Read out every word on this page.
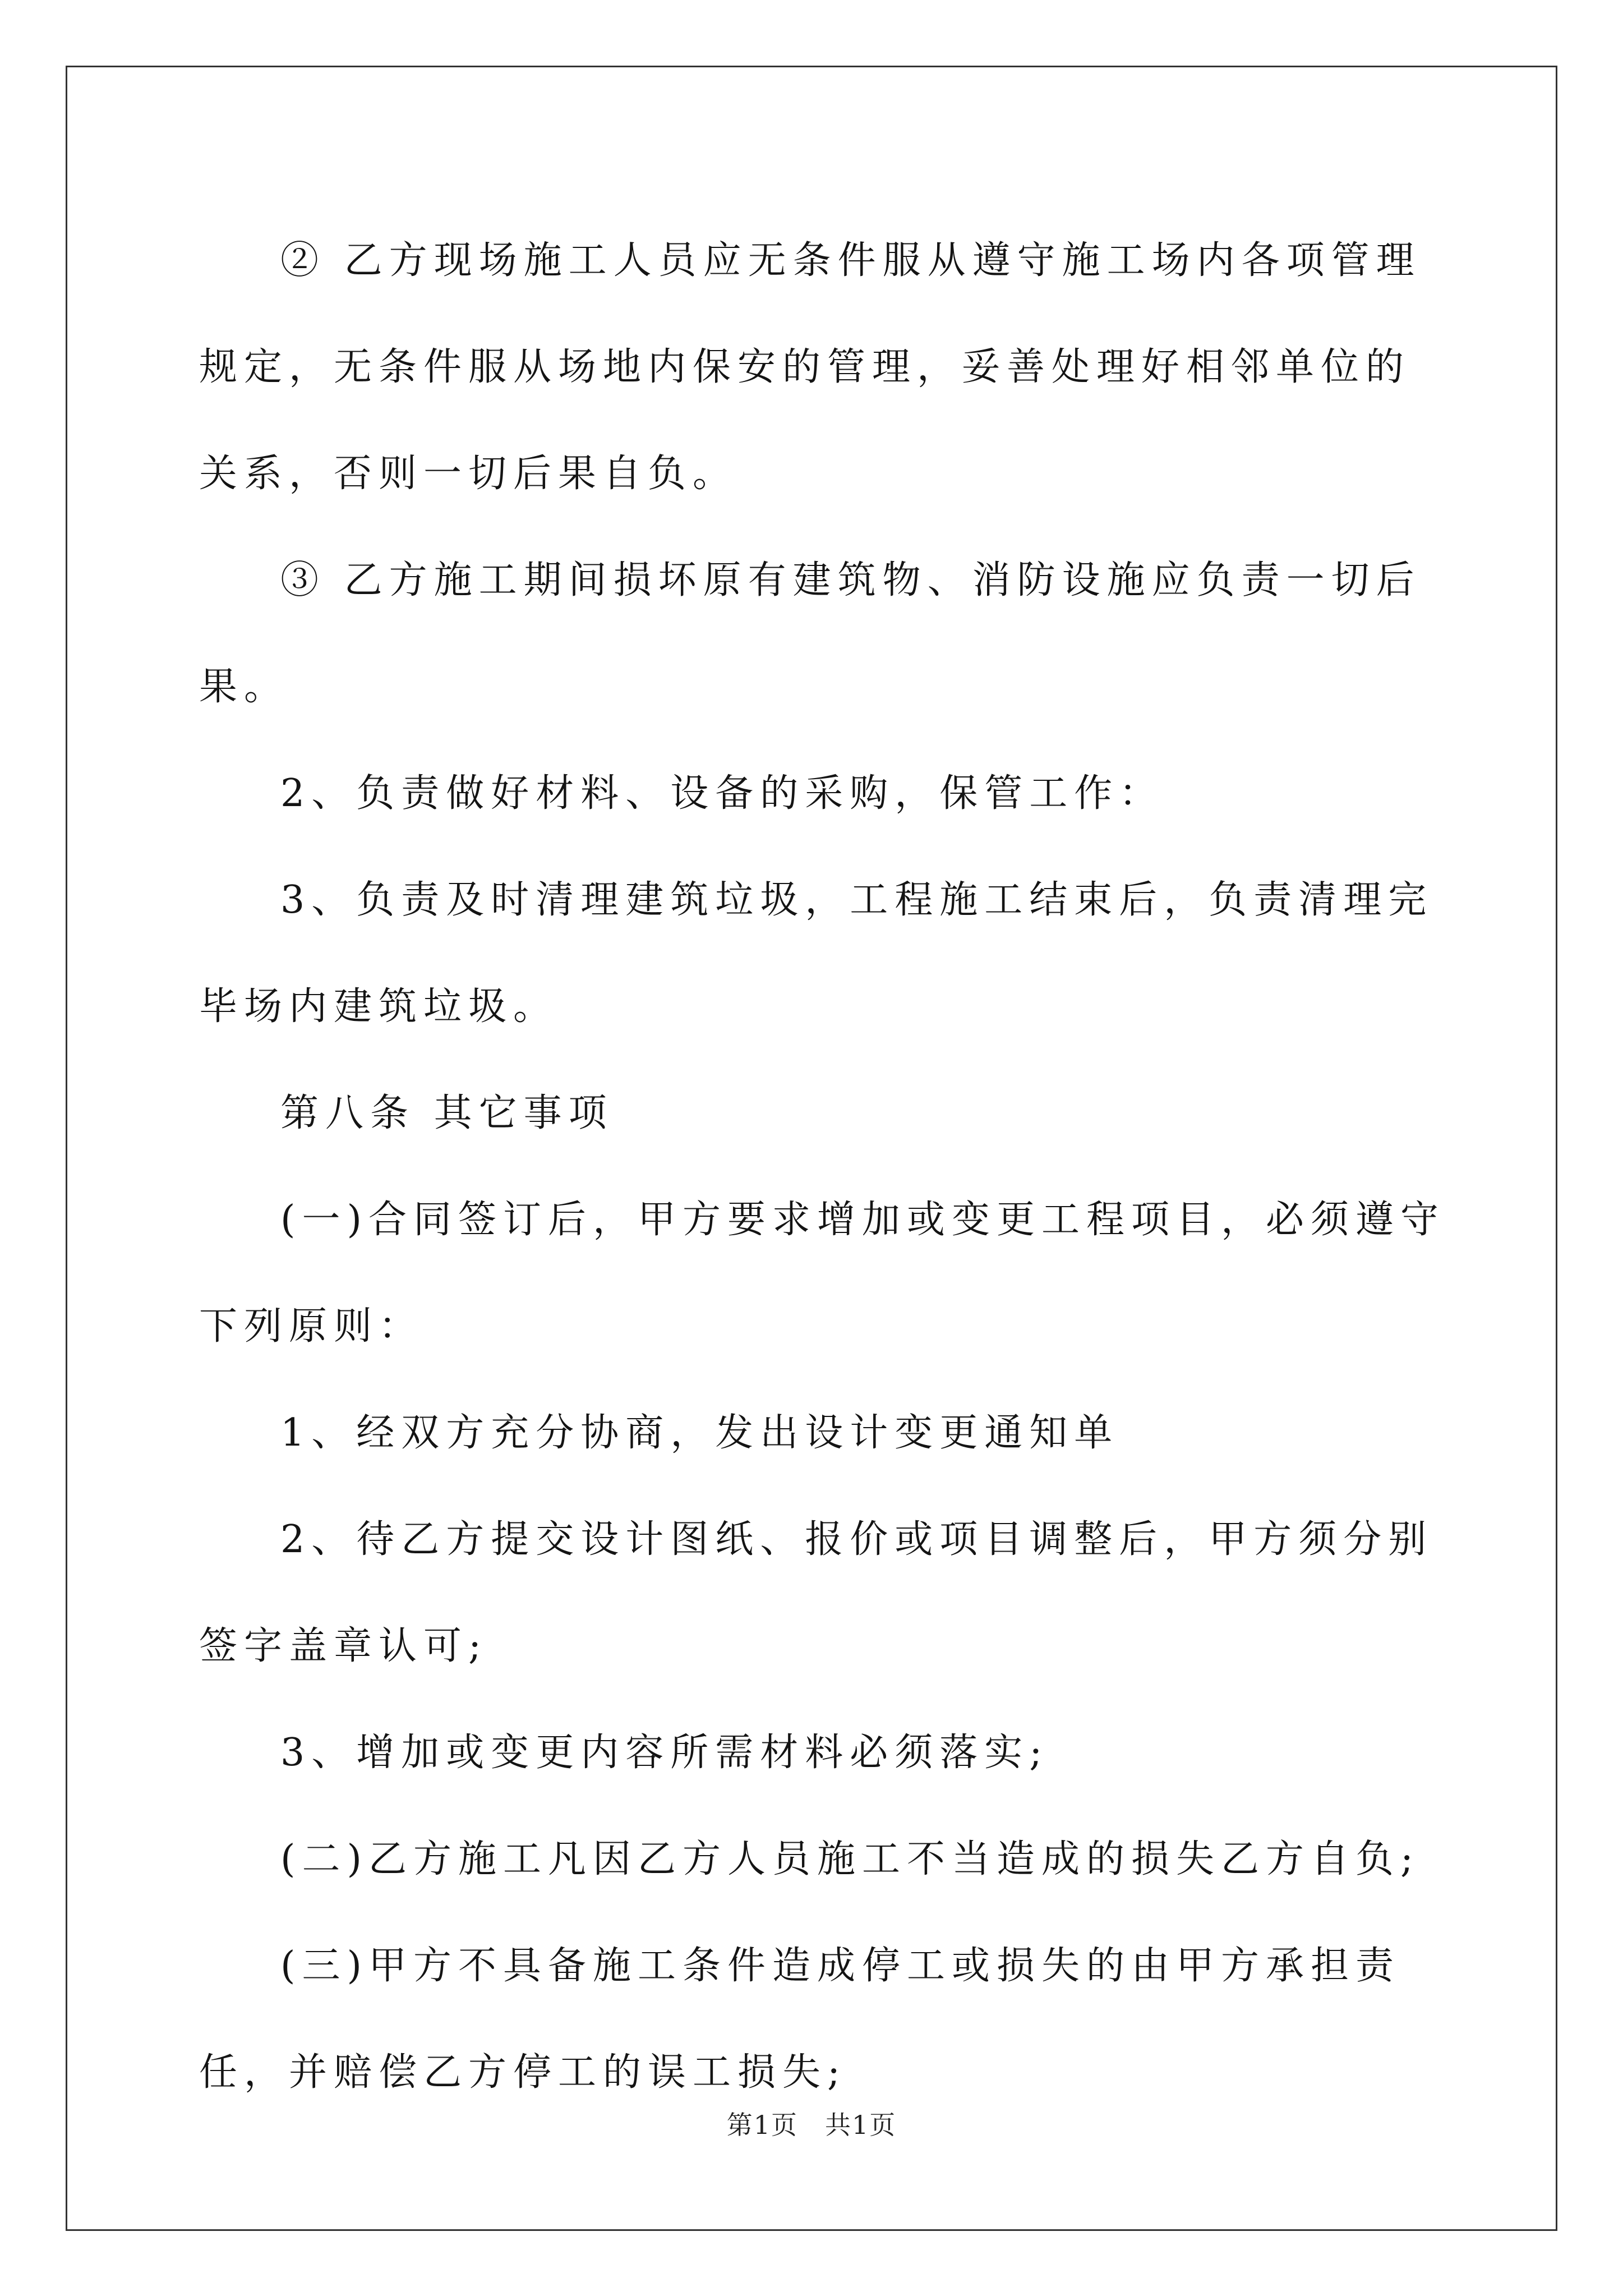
② 乙方现场施工人员应无条件服从遵守施工场内各项管理规定，无条件服从场地内保安的管理，妥善处理好相邻单位的关系，否则一切后果自负。

③ 乙方施工期间损坏原有建筑物、消防设施应负责一切后果。

2、负责做好材料、设备的采购，保管工作：

3、负责及时清理建筑垃圾，工程施工结束后，负责清理完毕场内建筑垃圾。

第八条 其它事项

(一)合同签订后，甲方要求增加或变更工程项目，必须遵守下列原则：

1、经双方充分协商，发出设计变更通知单

2、待乙方提交设计图纸、报价或项目调整后，甲方须分别签字盖章认可;

3、增加或变更内容所需材料必须落实;

(二)乙方施工凡因乙方人员施工不当造成的损失乙方自负;

(三)甲方不具备施工条件造成停工或损失的由甲方承担责任，并赔偿乙方停工的误工损失;

第1页　共1页
